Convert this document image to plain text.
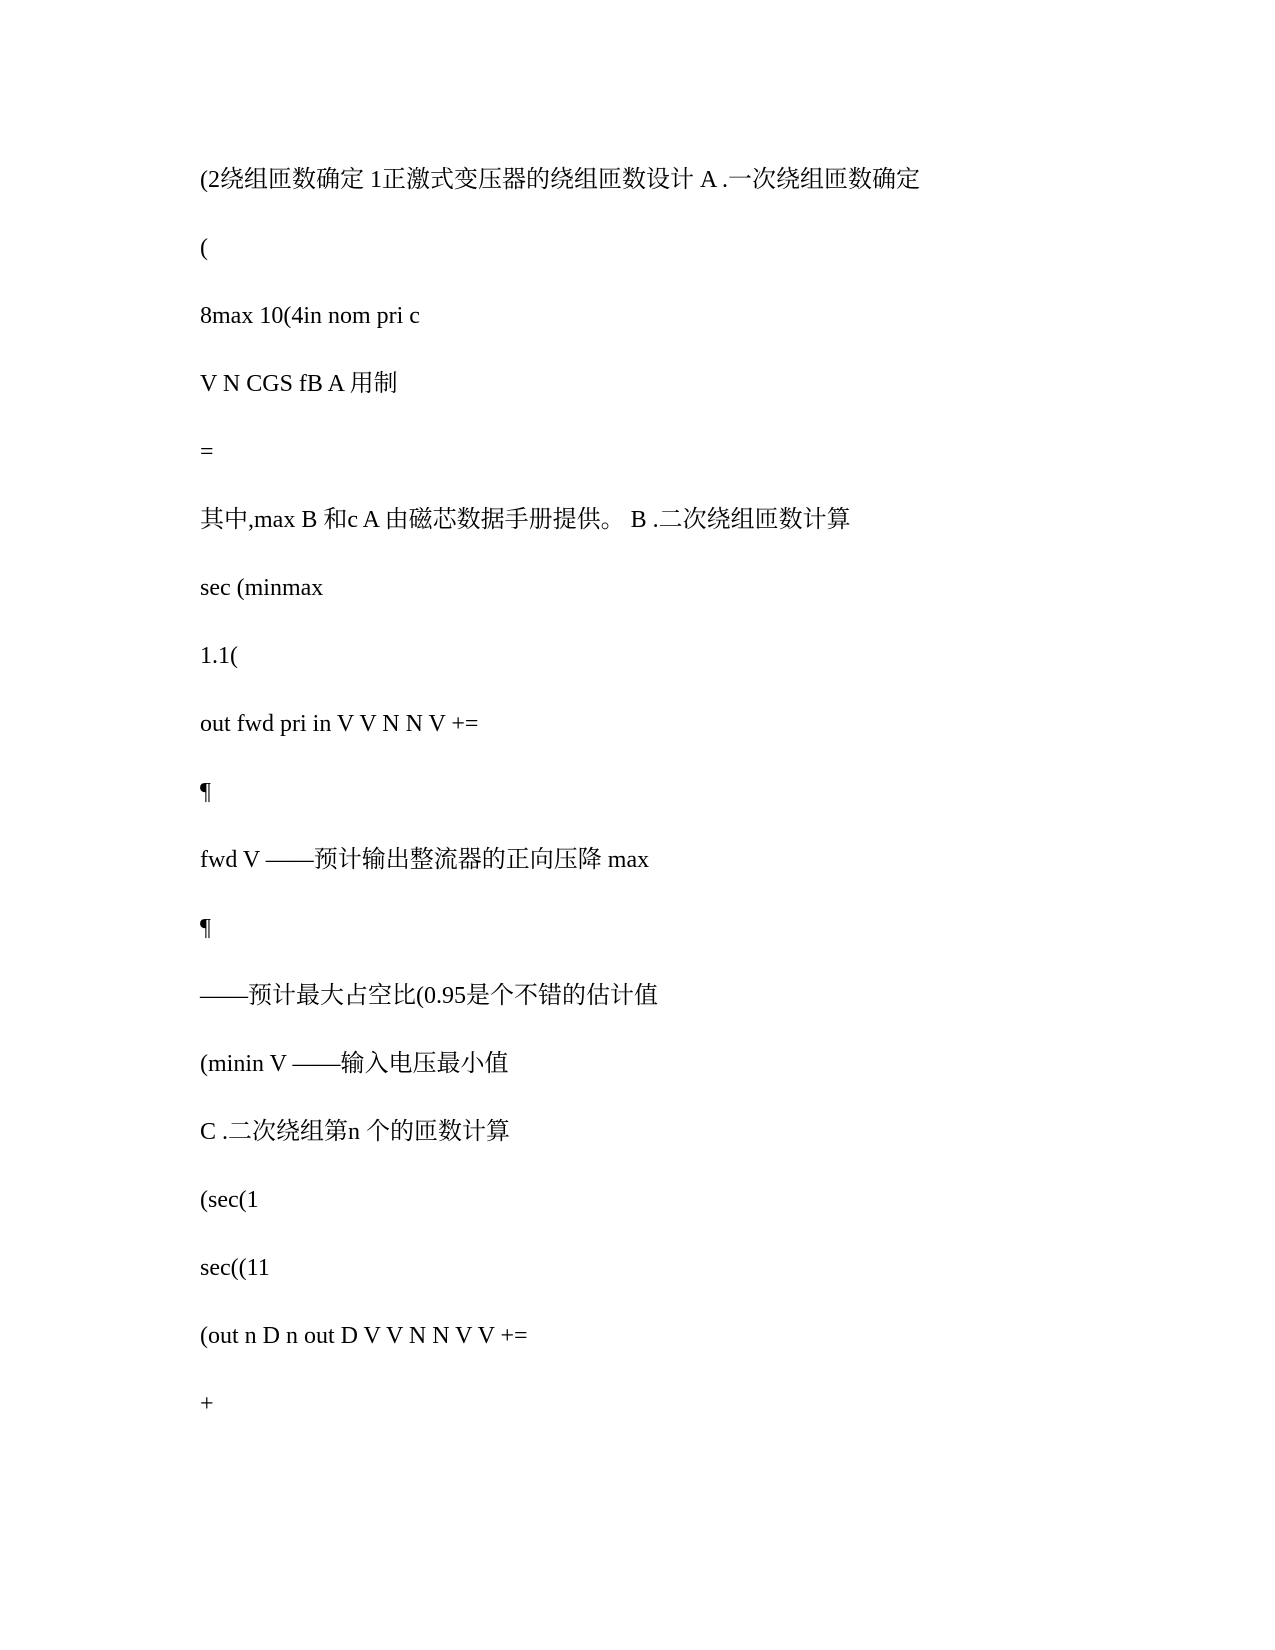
(2绕组匝数确定 1正激式变压器的绕组匝数设计 A .一次绕组匝数确定
(
8max 10(4in nom pri c
V N CGS fB A 用制
=
其中,max B 和c A 由磁芯数据手册提供。 B .二次绕组匝数计算
sec (minmax
1.1(
out fwd pri in V V N N V +=
¶
fwd V ——预计输出整流器的正向压降 max
¶
——预计最大占空比(0.95是个不错的估计值
(minin V ——输入电压最小值
C .二次绕组第n 个的匝数计算
(sec(1
sec((11
(out n D n out D V V N N V V +=
+
